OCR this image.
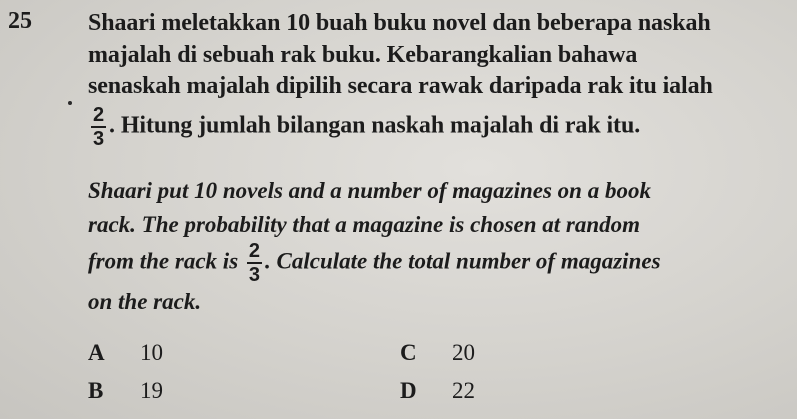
25 Shaari meletakkan 10 buah buku novel dan beberapa naskah
majalah di sebuah rak buku. Kebarangkalian bahawa
senaskah majalah dipilih secara rawak daripada rak itu ialah
$\frac{2}{3}$ . Hitung jumlah bilangan naskah majalah di rak itu.

Shaari put 10 novels and a number of magazines on a book
rack. The probability that a magazine is chosen at random
from the rack is $\frac{2}{3}$ . Calculate the total number of magazines
on the rack.

A 10
B 19
C 20
D 22
